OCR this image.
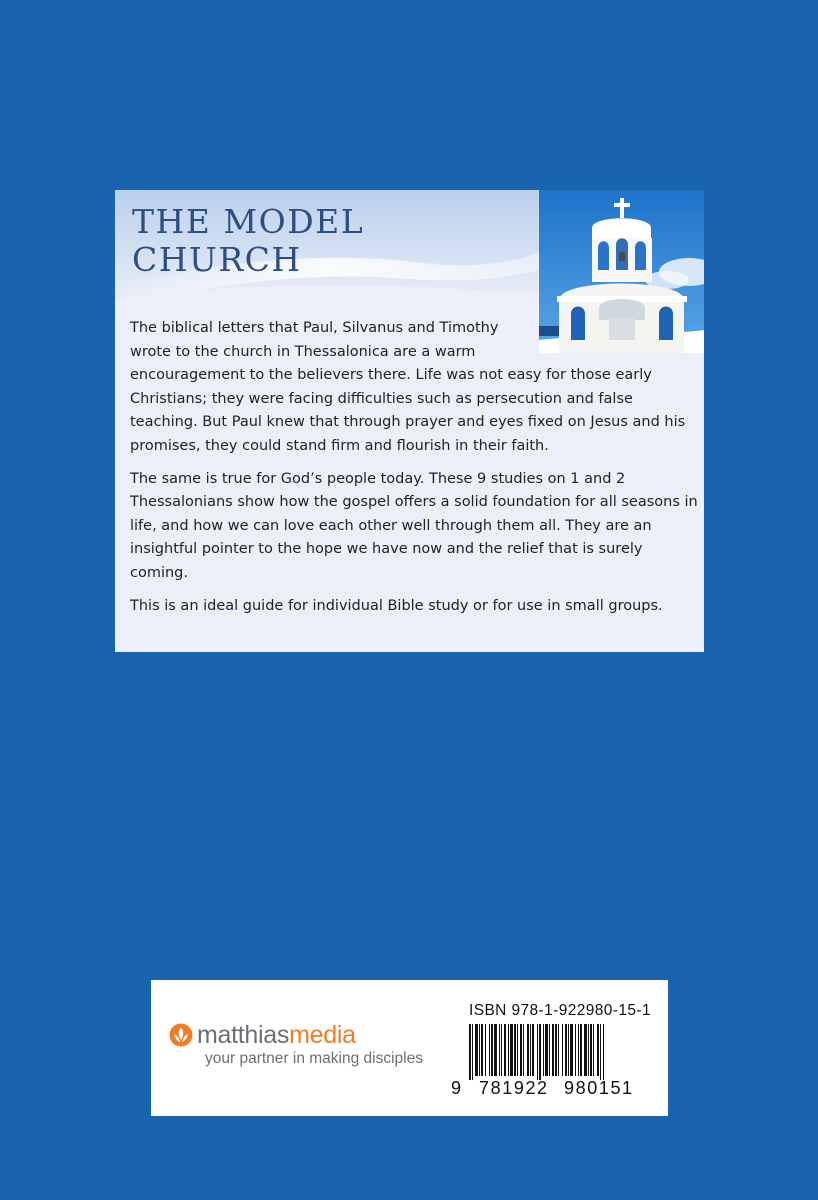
THE MODEL
CHURCH

The biblical letters that Paul, Silvanus and Timothy wrote to the church in Thessalonica are a warm encouragement to the believers there. Life was not easy for those early Christians; they were facing difficulties such as persecution and false teaching. But Paul knew that through prayer and eyes fixed on Jesus and his promises, they could stand firm and flourish in their faith.

The same is true for God’s people today. These 9 studies on 1 and 2 Thessalonians show how the gospel offers a solid foundation for all seasons in life, and how we can love each other well through them all. They are an insightful pointer to the hope we have now and the relief that is surely coming.

This is an ideal guide for individual Bible study or for use in small groups.

matthiasmedia
your partner in making disciples
ISBN 978-1-922980-15-1
9 781922 980151
